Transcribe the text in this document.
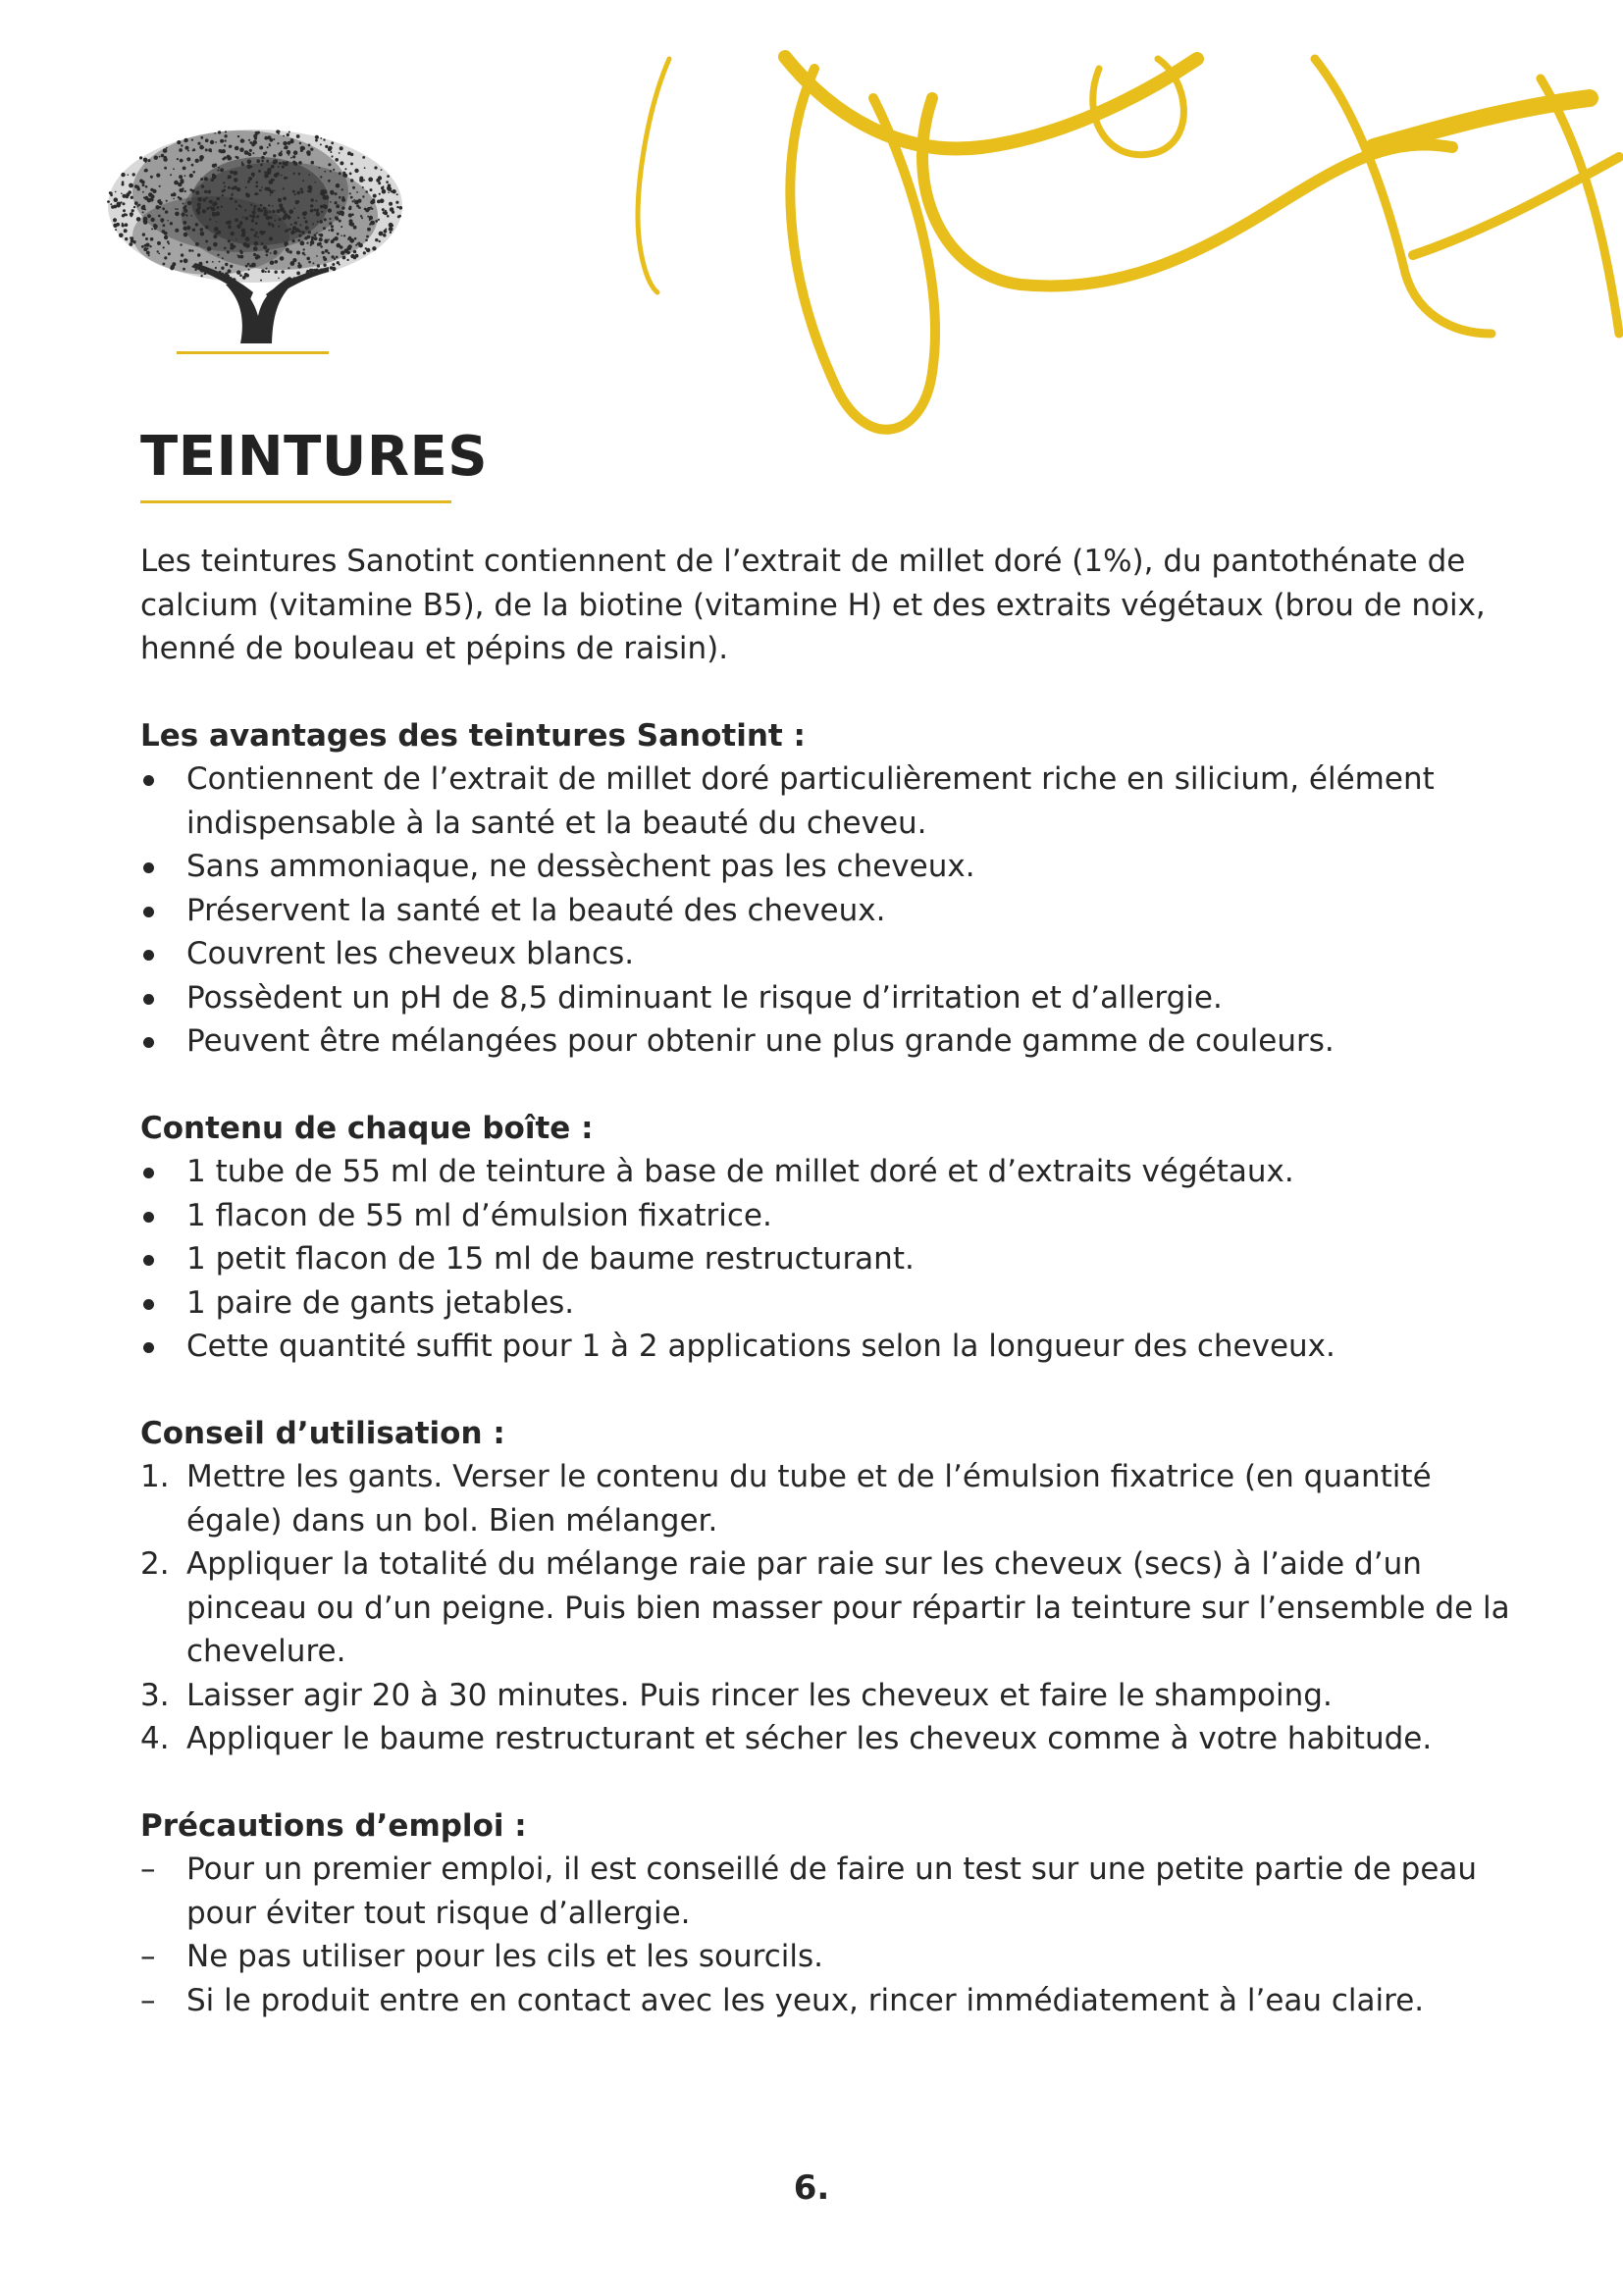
TEINTURES

Les teintures Sanotint contiennent de l’extrait de millet doré (1%), du pantothénate de calcium (vitamine B5), de la biotine (vitamine H) et des extraits végétaux (brou de noix, henné de bouleau et pépins de raisin).

Les avantages des teintures Sanotint :

Contiennent de l’extrait de millet doré particulièrement riche en silicium, élément indispensable à la santé et la beauté du cheveu.
Sans ammoniaque, ne dessèchent pas les cheveux.
Préservent la santé et la beauté des cheveux.
Couvrent les cheveux blancs.
Possèdent un pH de 8,5 diminuant le risque d’irritation et d’allergie.
Peuvent être mélangées pour obtenir une plus grande gamme de couleurs.

Contenu de chaque boîte :

1 tube de 55 ml de teinture à base de millet doré et d’extraits végétaux.
1 flacon de 55 ml d’émulsion fixatrice.
1 petit flacon de 15 ml de baume restructurant.
1 paire de gants jetables.
Cette quantité suffit pour 1 à 2 applications selon la longueur des cheveux.

Conseil d’utilisation :

1. Mettre les gants. Verser le contenu du tube et de l’émulsion fixatrice (en quantité égale) dans un bol. Bien mélanger.
2. Appliquer la totalité du mélange raie par raie sur les cheveux (secs) à l’aide d’un pinceau ou d’un peigne. Puis bien masser pour répartir la teinture sur l’ensemble de la chevelure.
3. Laisser agir 20 à 30 minutes. Puis rincer les cheveux et faire le shampoing.
4. Appliquer le baume restructurant et sécher les cheveux comme à votre habitude.

Précautions d’emploi :

– Pour un premier emploi, il est conseillé de faire un test sur une petite partie de peau pour éviter tout risque d’allergie.
– Ne pas utiliser pour les cils et les sourcils.
– Si le produit entre en contact avec les yeux, rincer immédiatement à l’eau claire.
6.
